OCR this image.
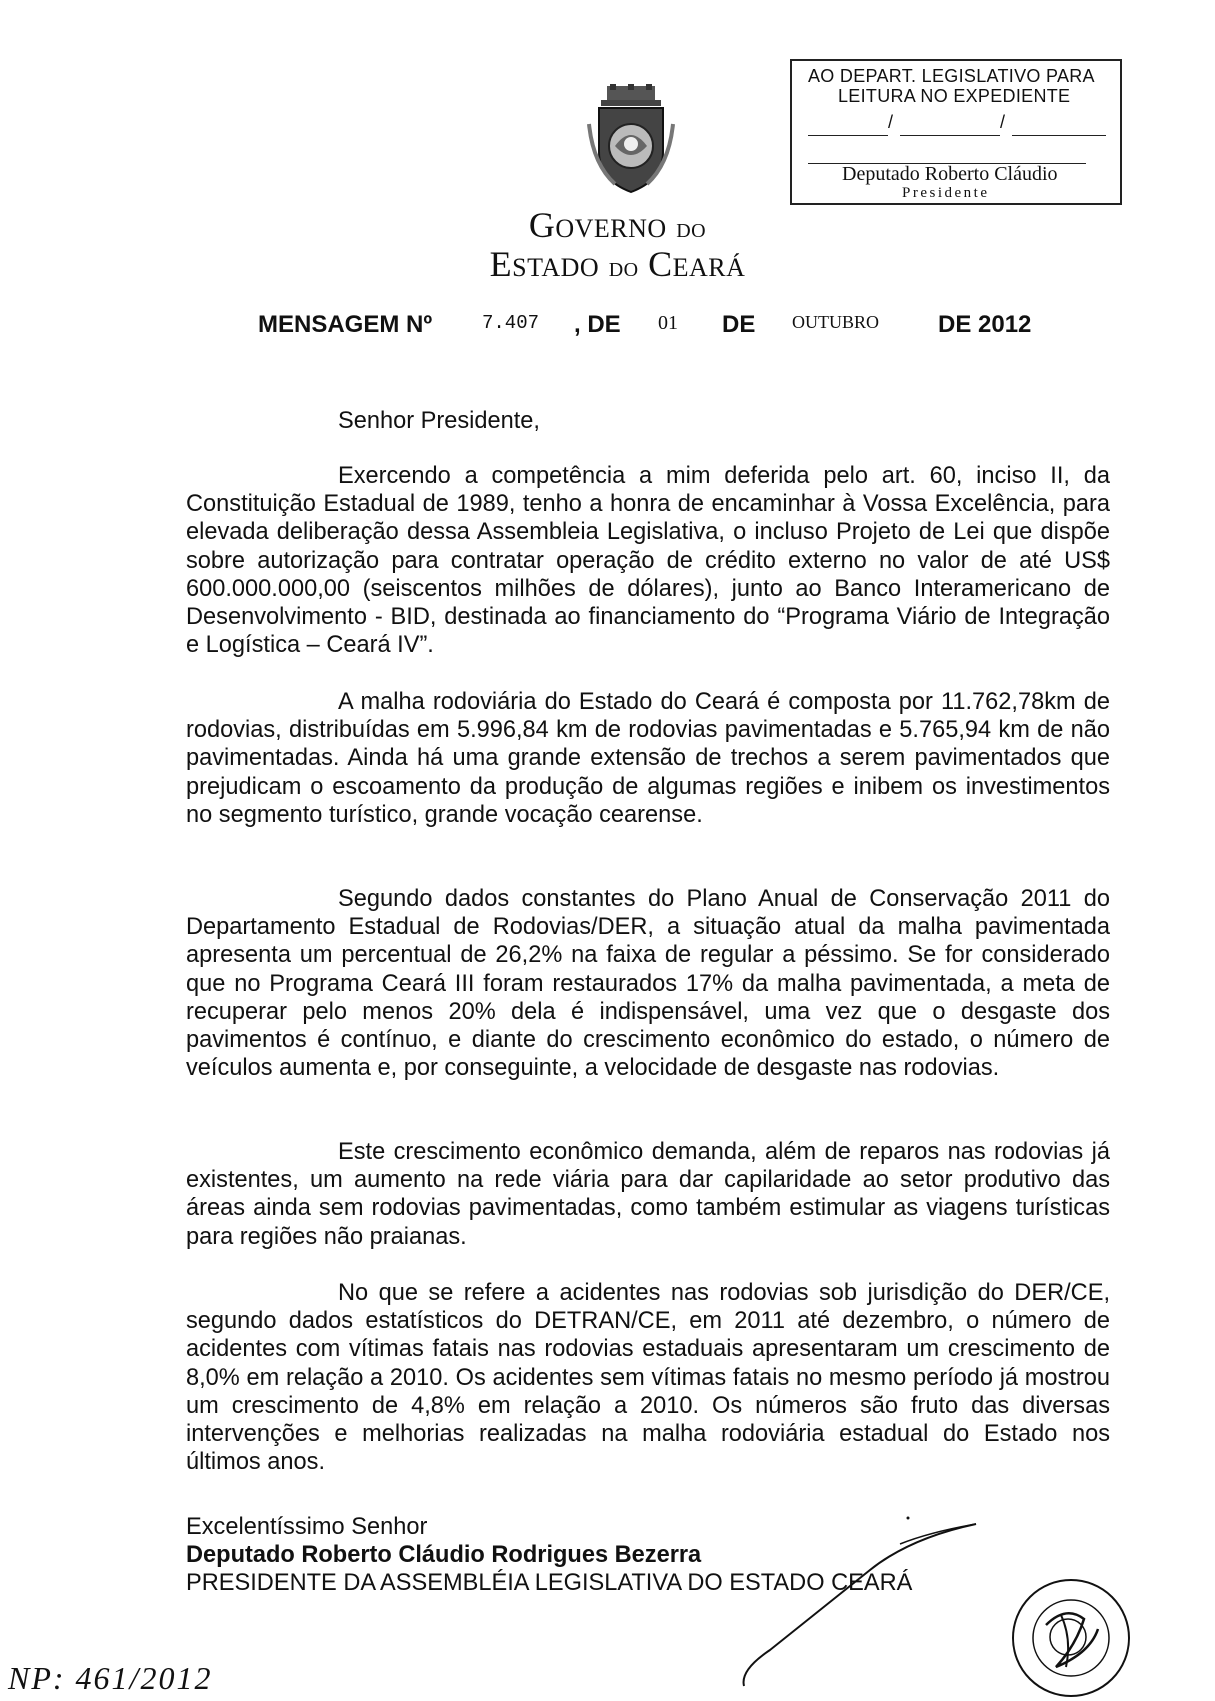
AO DEPART. LEGISLATIVO PARA
LEITURA NO EXPEDIENTE
/	/
Deputado Roberto Cláudio
Presidente
GOVERNO DO
ESTADO DO CEARÁ
MENSAGEM Nº	7.407 , DE 01 DE OUTUBRO DE 2012
Senhor Presidente,

Exercendo a competência a mim deferida pelo art. 60, inciso II, da Constituição Estadual de 1989, tenho a honra de encaminhar à Vossa Excelência, para elevada deliberação dessa Assembleia Legislativa, o incluso Projeto de Lei que dispõe sobre autorização para contratar operação de crédito externo no valor de até US$ 600.000.000,00 (seiscentos milhões de dólares), junto ao Banco Interamericano de Desenvolvimento - BID, destinada ao financiamento do “Programa Viário de Integração e Logística – Ceará IV”.

A malha rodoviária do Estado do Ceará é composta por 11.762,78km de rodovias, distribuídas em 5.996,84 km de rodovias pavimentadas e 5.765,94 km de não pavimentadas. Ainda há uma grande extensão de trechos a serem pavimentados que prejudicam o escoamento da produção de algumas regiões e inibem os investimentos no segmento turístico, grande vocação cearense.

Segundo dados constantes do Plano Anual de Conservação 2011 do Departamento Estadual de Rodovias/DER, a situação atual da malha pavimentada apresenta um percentual de 26,2% na faixa de regular a péssimo. Se for considerado que no Programa Ceará III foram restaurados 17% da malha pavimentada, a meta de recuperar pelo menos 20% dela é indispensável, uma vez que o desgaste dos pavimentos é contínuo, e diante do crescimento econômico do estado, o número de veículos aumenta e, por conseguinte, a velocidade de desgaste nas rodovias.

Este crescimento econômico demanda, além de reparos nas rodovias já existentes, um aumento na rede viária para dar capilaridade ao setor produtivo das áreas ainda sem rodovias pavimentadas, como também estimular as viagens turísticas para regiões não praianas.

No que se refere a acidentes nas rodovias sob jurisdição do DER/CE, segundo dados estatísticos do DETRAN/CE, em 2011 até dezembro, o número de acidentes com vítimas fatais nas rodovias estaduais apresentaram um crescimento de 8,0% em relação a 2010. Os acidentes sem vítimas fatais no mesmo período já mostrou um crescimento de 4,8% em relação a 2010. Os números são fruto das diversas intervenções e melhorias realizadas na malha rodoviária estadual do Estado nos últimos anos.

Excelentíssimo Senhor
Deputado Roberto Cláudio Rodrigues Bezerra
PRESIDENTE DA ASSEMBLÉIA LEGISLATIVA DO ESTADO CEARÁ
NP: 461/2012
